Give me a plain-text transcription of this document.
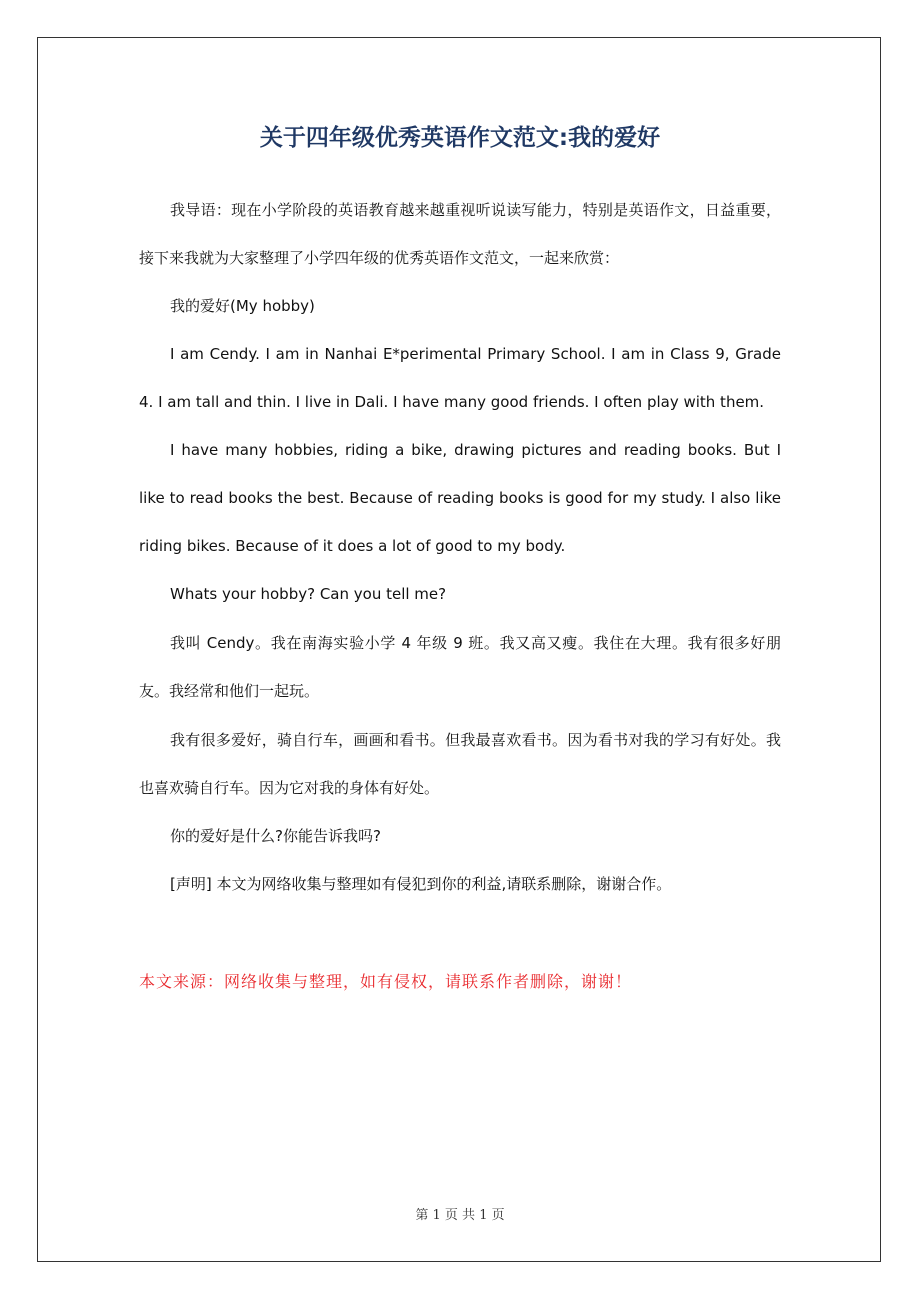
关于四年级优秀英语作文范文:我的爱好

我导语：现在小学阶段的英语教育越来越重视听说读写能力，特别是英语作文，日益重要，接下来我就为大家整理了小学四年级的优秀英语作文范文，一起来欣赏：

我的爱好(My hobby)

I am Cendy. I am in Nanhai E*perimental Primary School. I am in Class 9, Grade 4. I am tall and thin. I live in Dali. I have many good friends. I often play with them.

I have many hobbies, riding a bike, drawing pictures and reading books. But I like to read books the best. Because of reading books is good for my study. I also like riding bikes. Because of it does a lot of good to my body.

Whats your hobby? Can you tell me?

我叫 Cendy。我在南海实验小学 4 年级 9 班。我又高又瘦。我住在大理。我有很多好朋友。我经常和他们一起玩。

我有很多爱好，骑自行车，画画和看书。但我最喜欢看书。因为看书对我的学习有好处。我也喜欢骑自行车。因为它对我的身体有好处。

你的爱好是什么?你能告诉我吗?

[声明] 本文为网络收集与整理如有侵犯到你的利益,请联系删除，谢谢合作。

本文来源：网络收集与整理，如有侵权，请联系作者删除，谢谢！
第 1 页 共 1 页
